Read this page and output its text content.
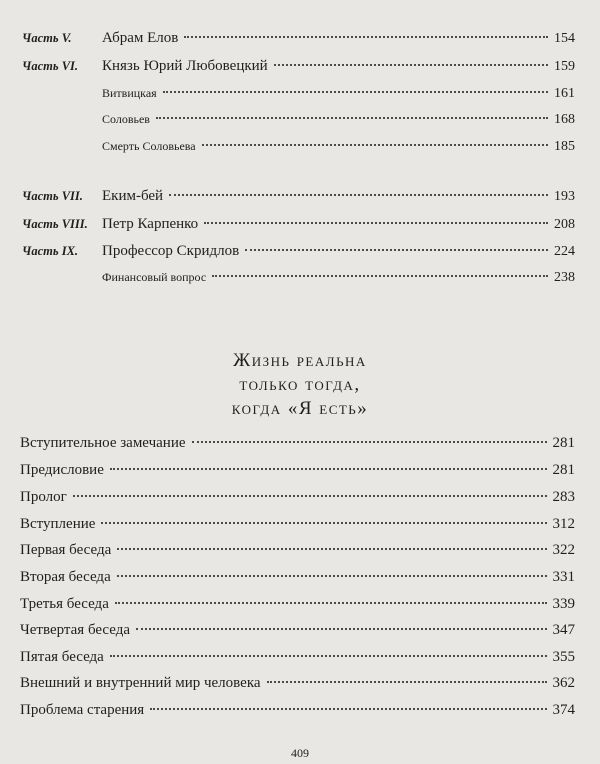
Часть V.	Абрам Елов	154
Часть VI.	Князь Юрий Любовецкий	159
Витвицкая	161
Соловьев	168
Смерть Соловьева	185
Часть VII.	Еким-бей	193
Часть VIII. Петр Карпенко	208
Часть IX.	Профессор Скридлов	224
Финансовый вопрос	238
Жизнь реальна
только тогда,
когда «Я есть»
Вступительное замечание	281
Предисловие	281
Пролог	283
Вступление	312
Первая беседа	322
Вторая беседа	331
Третья беседа	339
Четвертая беседа	347
Пятая беседа	355
Внешний и внутренний мир человека	362
Проблема старения	374
409
